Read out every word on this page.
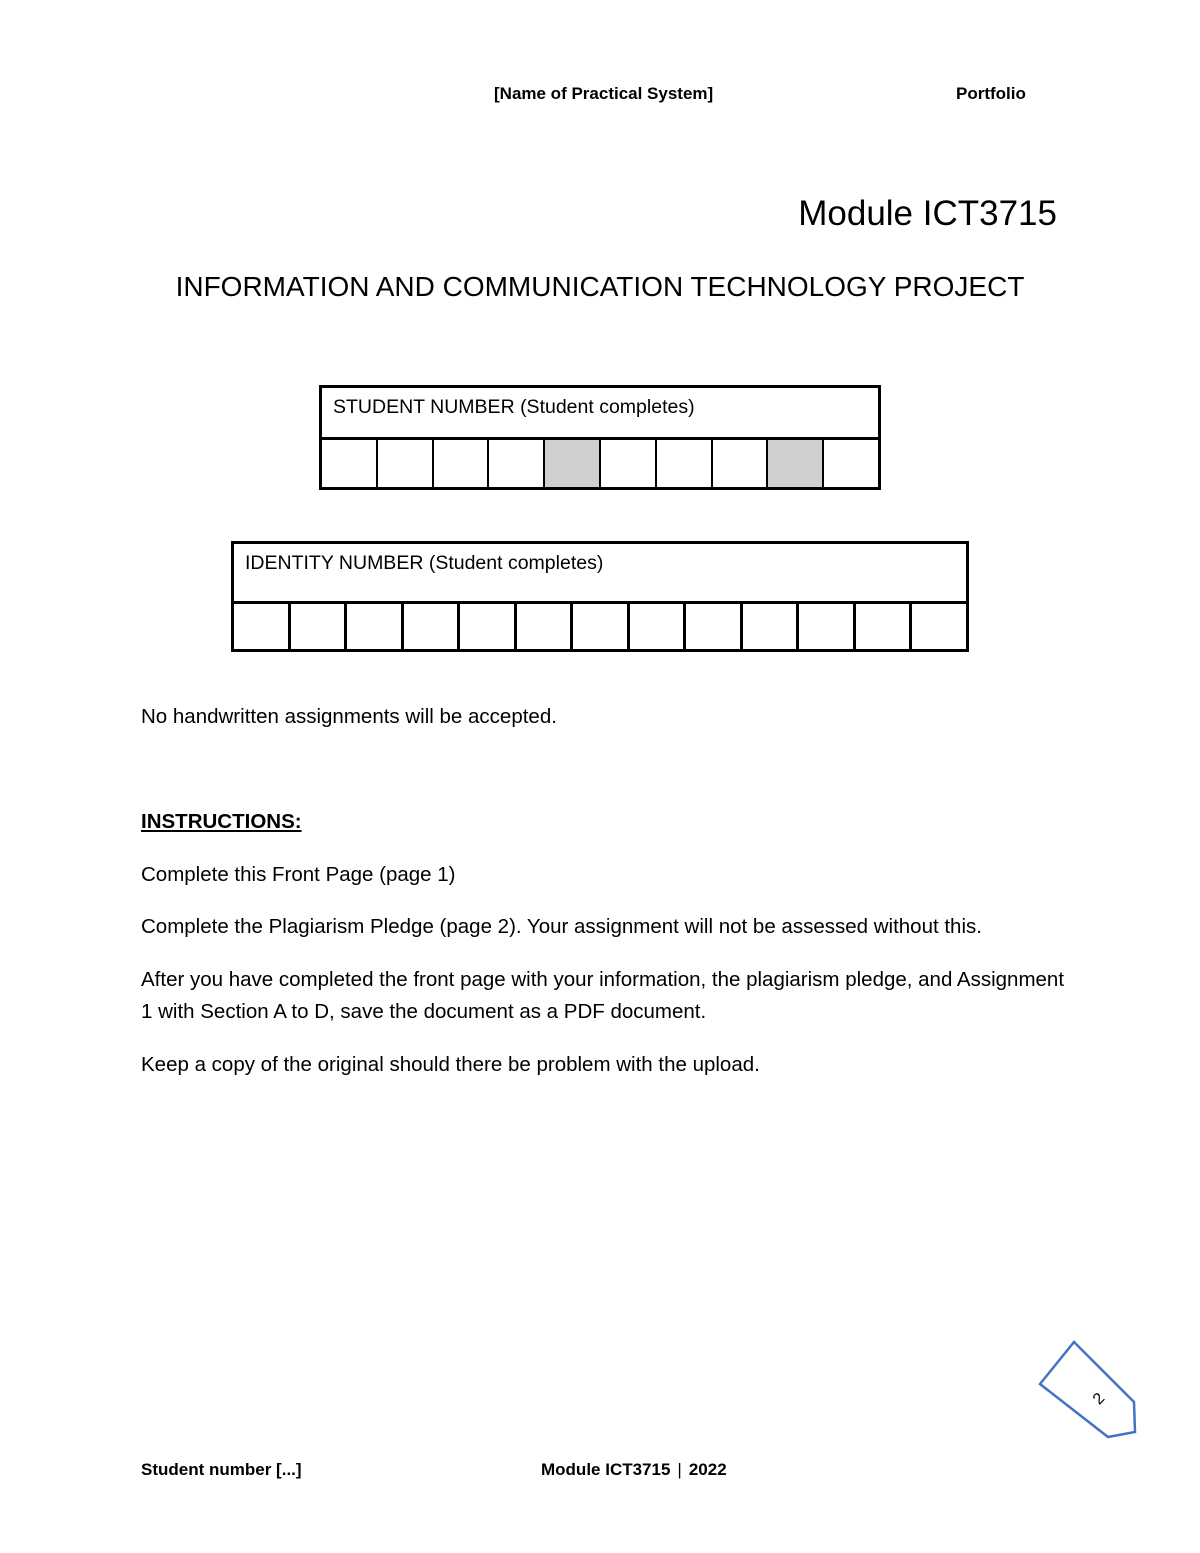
[Name of Practical System]	Portfolio
Module ICT3715
INFORMATION AND COMMUNICATION TECHNOLOGY PROJECT
STUDENT NUMBER (Student completes)
IDENTITY NUMBER (Student completes)
No handwritten assignments will be accepted.
INSTRUCTIONS:
Complete this Front Page (page 1)
Complete the Plagiarism Pledge (page 2). Your assignment will not be assessed without this.
After you have completed the front page with your information, the plagiarism pledge, and Assignment 1 with Section A to D, save the document as a PDF document.
Keep a copy of the original should there be problem with the upload.
2
Student number [...]	Module ICT3715 | 2022
